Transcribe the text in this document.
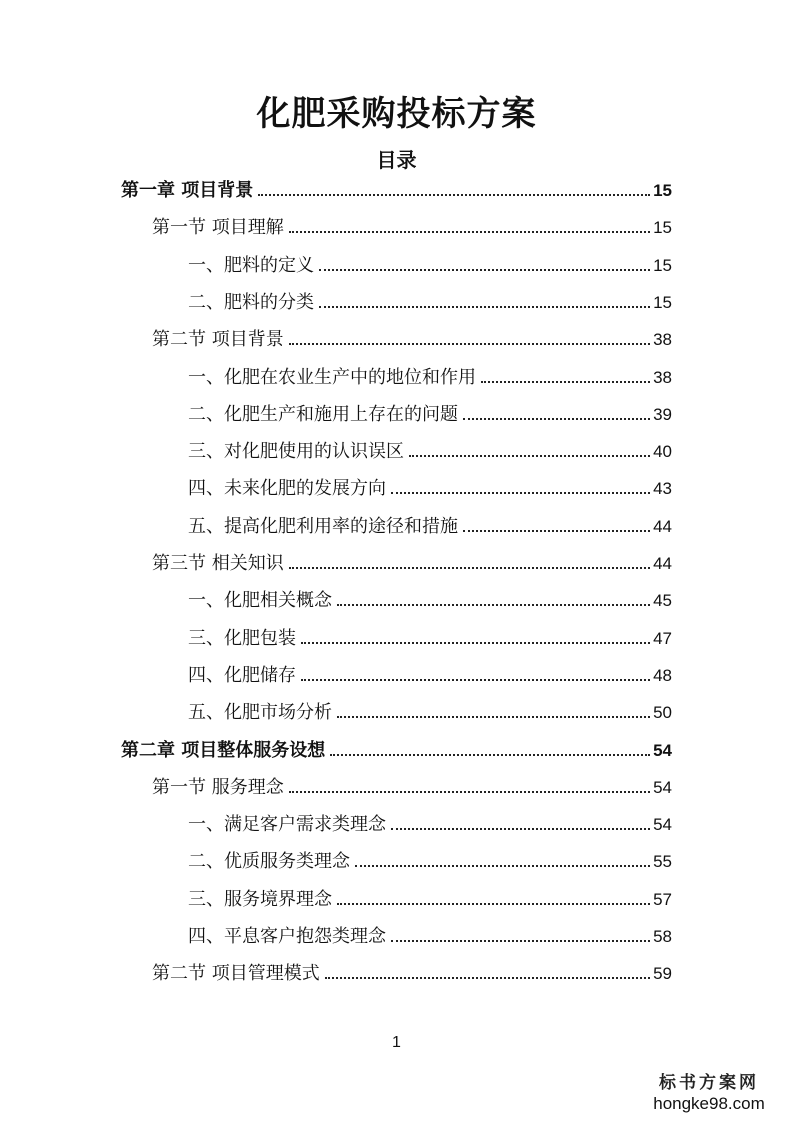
化肥采购投标方案
目录
第一章 项目背景	15
第一节 项目理解	15
一、肥料的定义	15
二、肥料的分类	15
第二节 项目背景	38
一、化肥在农业生产中的地位和作用	38
二、化肥生产和施用上存在的问题	39
三、对化肥使用的认识误区	40
四、未来化肥的发展方向	43
五、提高化肥利用率的途径和措施	44
第三节 相关知识	44
一、化肥相关概念	45
三、化肥包装	47
四、化肥储存	48
五、化肥市场分析	50
第二章 项目整体服务设想	54
第一节 服务理念	54
一、满足客户需求类理念	54
二、优质服务类理念	55
三、服务境界理念	57
四、平息客户抱怨类理念	58
第二节 项目管理模式	59
1
标书方案网
hongke98.com
